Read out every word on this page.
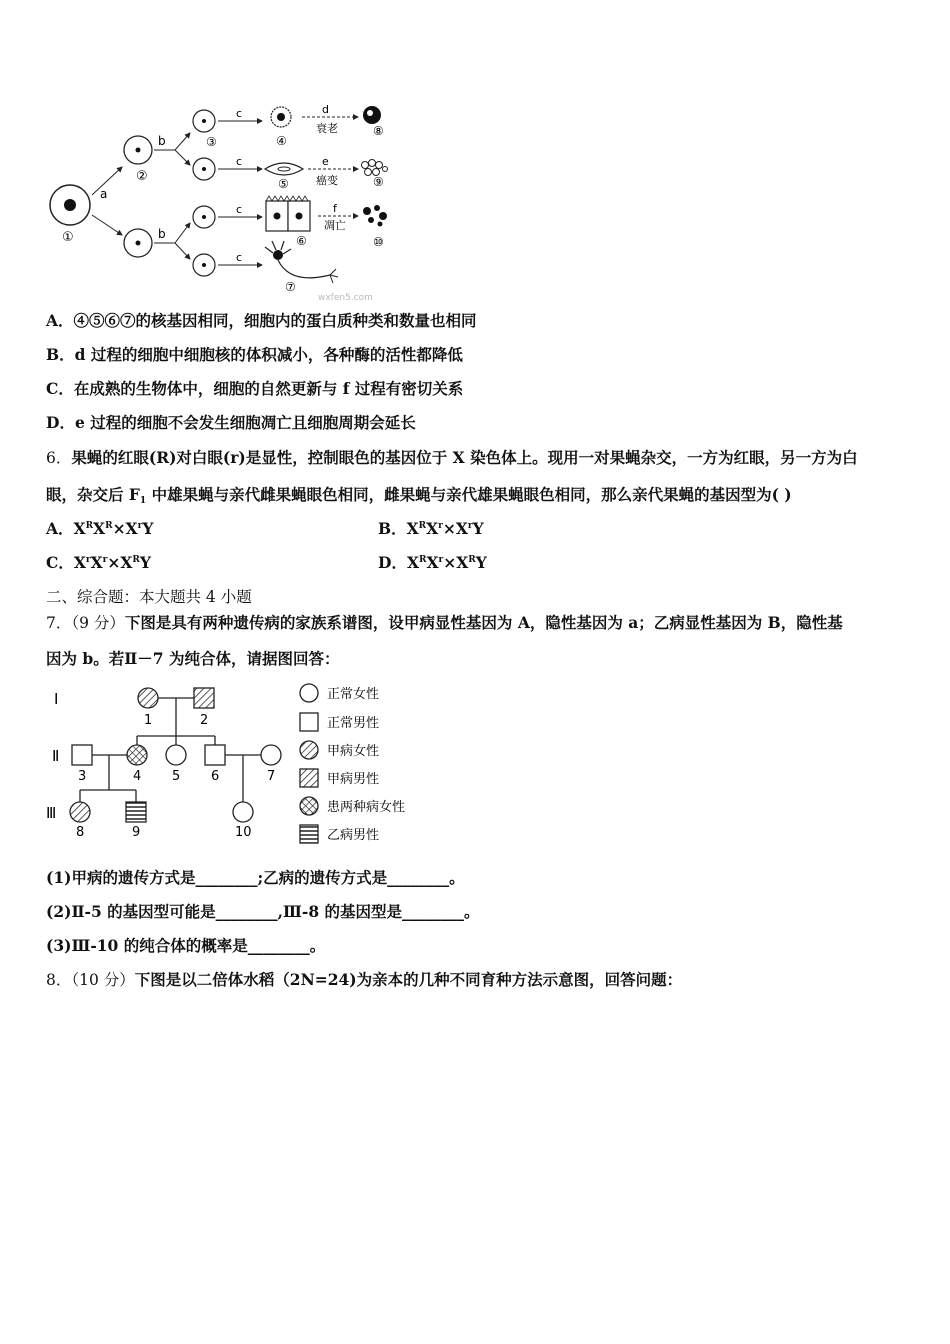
a
b
b
c
c
c
c
d
e
f
衰老
癌变
凋亡
①
②
③	④
⑤
⑥
⑦
⑧
⑨
⑩
wxfen5.com
A．④⑤⑥⑦的核基因相同，细胞内的蛋白质种类和数量也相同
B．d 过程的细胞中细胞核的体积减小，各种酶的活性都降低
C．在成熟的生物体中，细胞的自然更新与 f 过程有密切关系
D．e 过程的细胞不会发生细胞凋亡且细胞周期会延长
6．果蝇的红眼(R)对白眼(r)是显性，控制眼色的基因位于 X 染色体上。现用一对果蝇杂交，一方为红眼，另一方为白
眼，杂交后 $F_1$ 中雄果蝇与亲代雌果蝇眼色相同，雌果蝇与亲代雄果蝇眼色相同，那么亲代果蝇的基因型为( )
A．$X^RX^R\times X^rY$	B．$X^RX^r\times X^rY$
C．$X^rX^r\times X^RY$	D．$X^RX^r\times X^RY$
二、综合题：本大题共 4 小题
7．（9 分）下图是具有两种遗传病的家族系谱图，设甲病显性基因为 A，隐性基因为 a；乙病显性基因为 B，隐性基
因为 b。若Ⅱ－7 为纯合体，请据图回答：
Ⅰ
Ⅱ
Ⅲ
1	2
3	4 5 6	7
8	9	10
正常女性
正常男性
甲病女性
甲病男性
患两种病女性
乙病男性
(1)甲病的遗传方式是________;乙病的遗传方式是________。
(2)Ⅱ-5 的基因型可能是________,Ⅲ-8 的基因型是________。
(3)Ⅲ-10 的纯合体的概率是________。
8．（10 分）下图是以二倍体水稻（2N=24)为亲本的几种不同育种方法示意图，回答问题：
